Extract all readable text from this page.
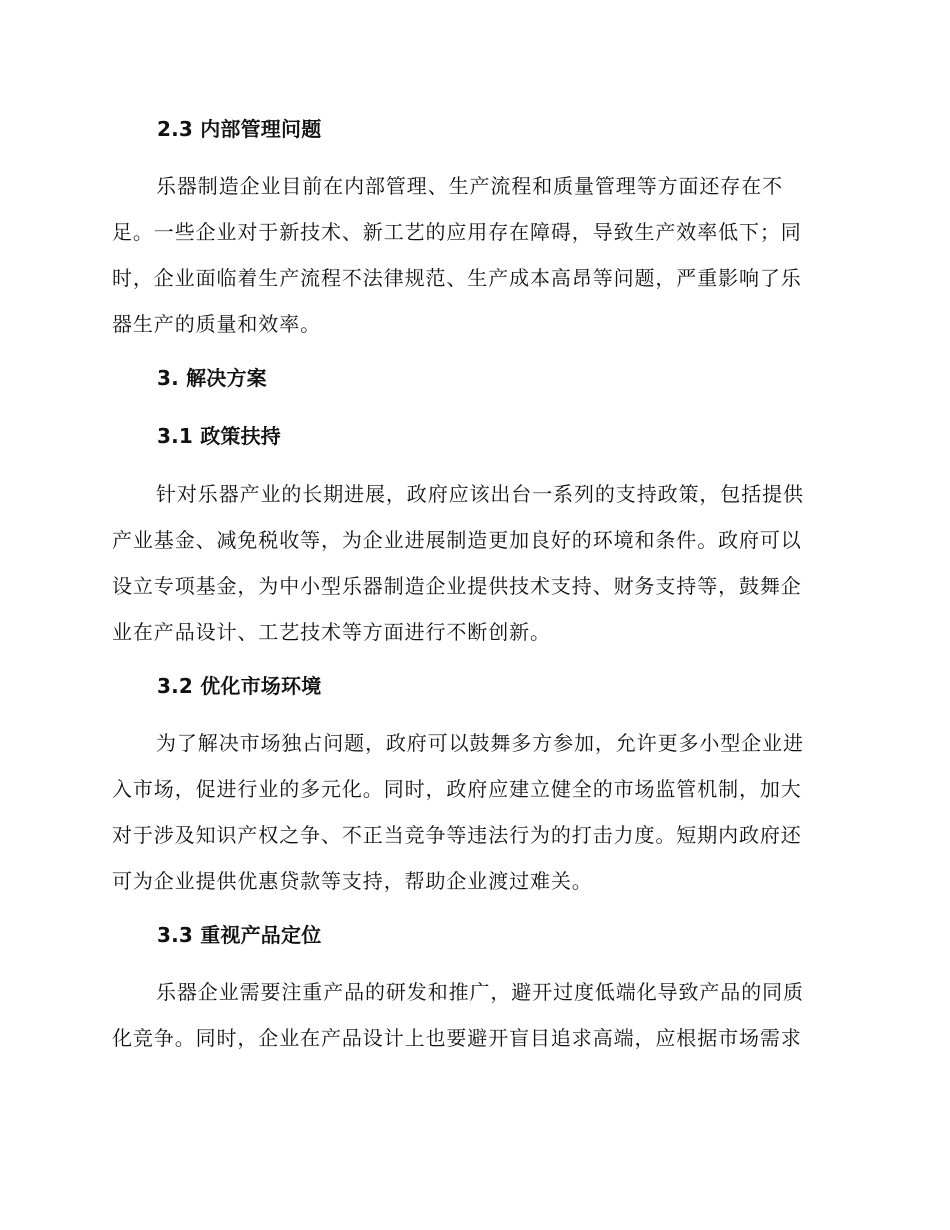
2.3 内部管理问题
乐器制造企业目前在内部管理、生产流程和质量管理等方面还存在不
足。一些企业对于新技术、新工艺的应用存在障碍，导致生产效率低下；同
时，企业面临着生产流程不法律规范、生产成本高昂等问题，严重影响了乐
器生产的质量和效率。
3. 解决方案
3.1 政策扶持
针对乐器产业的长期进展，政府应该出台一系列的支持政策，包括提供
产业基金、减免税收等，为企业进展制造更加良好的环境和条件。政府可以
设立专项基金，为中小型乐器制造企业提供技术支持、财务支持等，鼓舞企
业在产品设计、工艺技术等方面进行不断创新。
3.2 优化市场环境
为了解决市场独占问题，政府可以鼓舞多方参加，允许更多小型企业进
入市场，促进行业的多元化。同时，政府应建立健全的市场监管机制，加大
对于涉及知识产权之争、不正当竞争等违法行为的打击力度。短期内政府还
可为企业提供优惠贷款等支持，帮助企业渡过难关。
3.3 重视产品定位
乐器企业需要注重产品的研发和推广，避开过度低端化导致产品的同质
化竞争。同时，企业在产品设计上也要避开盲目追求高端，应根据市场需求
